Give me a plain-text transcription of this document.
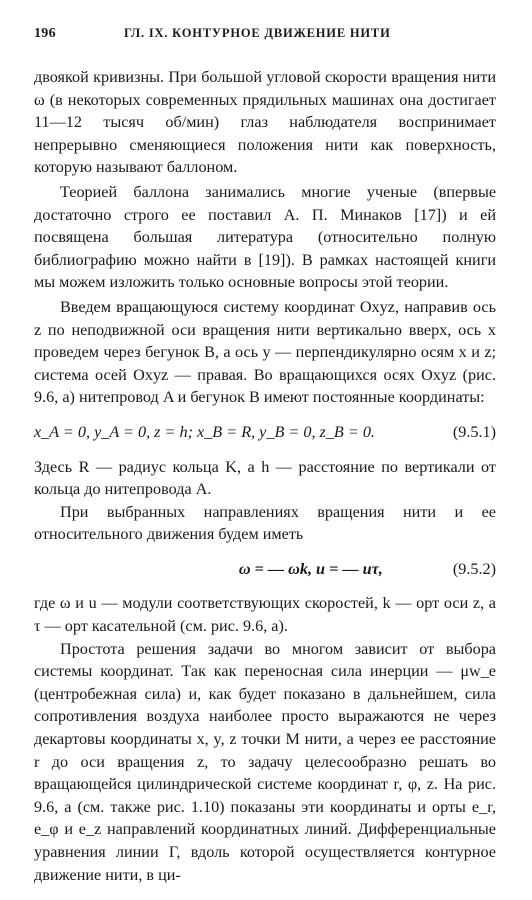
196	ГЛ. IX. КОНТУРНОЕ ДВИЖЕНИЕ НИТИ

двоякой кривизны. При большой угловой скорости вращения нити ω (в некоторых современных прядильных машинах она достигает 11—12 тысяч об/мин) глаз наблюдателя воспринимает непрерывно сменяющиеся положения нити как поверхность, которую называют баллоном.

Теорией баллона занимались многие ученые (впервые достаточно строго ее поставил А. П. Минаков [17]) и ей посвящена большая литература (относительно полную библиографию можно найти в [19]). В рамках настоящей книги мы можем изложить только основные вопросы этой теории.

Введем вращающуюся систему координат Oxyz, направив ось z по неподвижной оси вращения нити вертикально вверх, ось x проведем через бегунок B, а ось y — перпендикулярно осям x и z; система осей Oxyz — правая. Во вращающихся осях Oxyz (рис. 9.6, a) нитепровод A и бегунок B имеют постоянные координаты:

x_A = 0, y_A = 0, z = h; x_B = R, y_B = 0, z_B = 0.	(9.5.1)

Здесь R — радиус кольца K, а h — расстояние по вертикали от кольца до нитепровода A.

При выбранных направлениях вращения нити и ее относительного движения будем иметь

ω = — ωk, u = — uτ,	(9.5.2)

где ω и u — модули соответствующих скоростей, k — орт оси z, а τ — орт касательной (см. рис. 9.6, a).

Простота решения задачи во многом зависит от выбора системы координат. Так как переносная сила инерции — μw_e (центробежная сила) и, как будет показано в дальнейшем, сила сопротивления воздуха наиболее просто выражаются не через декартовы координаты x, y, z точки M нити, а через ее расстояние r до оси вращения z, то задачу целесообразно решать во вращающейся цилиндрической системе координат r, φ, z. На рис. 9.6, a (см. также рис. 1.10) показаны эти координаты и орты e_r, e_φ и e_z направлений координатных линий. Дифференциальные уравнения линии Г, вдоль которой осуществляется контурное движение нити, в ци-
